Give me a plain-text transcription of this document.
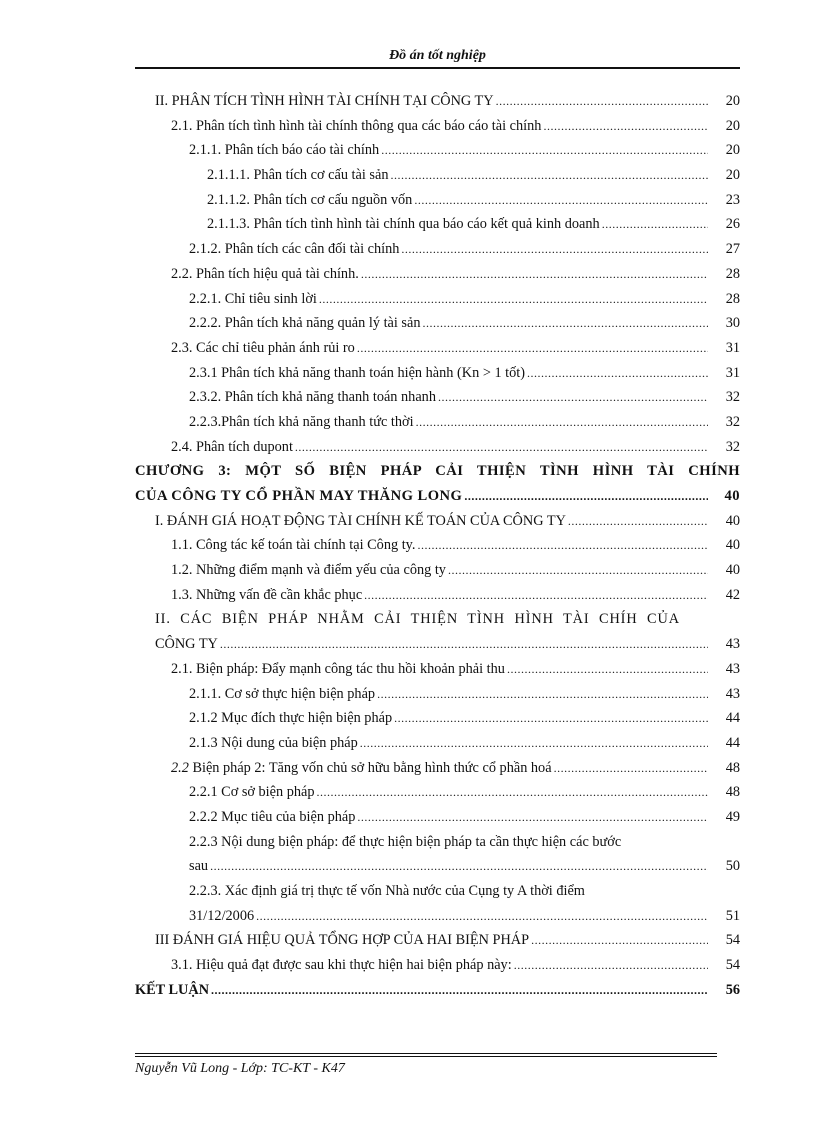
Đồ án tốt nghiệp
II. PHÂN TÍCH TÌNH HÌNH TÀI CHÍNH TẠI CÔNG TY .....	20
2.1. Phân tích tình hình tài chính thông qua các báo cáo tài chính .....	20
2.1.1. Phân tích báo cáo tài chính .....	20
2.1.1.1. Phân tích cơ cấu tài sản .....	20
2.1.1.2. Phân tích cơ cấu nguồn vốn .....	23
2.1.1.3. Phân tích tình hình tài chính qua báo cáo kết quả kinh doanh .....	26
2.1.2. Phân tích các cân đối tài chính .....	27
2.2. Phân tích hiệu quả tài chính. .....	28
2.2.1. Chỉ tiêu sinh lời .....	28
2.2.2. Phân tích khả năng quản lý tài sản .....	30
2.3. Các chỉ tiêu phản ánh rủi ro .....	31
2.3.1 Phân tích khả năng thanh toán hiện hành (Kn > 1 tốt) .....	31
2.3.2. Phân tích khả năng thanh toán nhanh .....	32
2.2.3.Phân tích khả năng thanh tức thời .....	32
2.4. Phân tích dupont .....	32
CHƯƠNG 3: MỘT SỐ BIỆN PHÁP CẢI THIỆN TÌNH HÌNH TÀI CHÍNH
CỦA CÔNG TY CỔ PHẦN MAY THĂNG LONG .....	40
I. ĐÁNH GIÁ HOẠT ĐỘNG TÀI CHÍNH KẾ TOÁN CỦA CÔNG TY .....	40
1.1. Công tác kế toán tài chính tại Công ty. .....	40
1.2. Những điểm mạnh và điểm yếu của công ty .....	40
1.3. Những vấn đề cần khắc phục .....	42
II. CÁC BIỆN PHÁP NHẰM CẢI THIỆN TÌNH HÌNH TÀI CHÍH CỦA
CÔNG TY .....	43
2.1. Biện pháp: Đẩy mạnh công tác thu hồi khoản phải thu .....	43
2.1.1. Cơ sở thực hiện biện pháp .....	43
2.1.2 Mục đích thực hiện biện pháp .....	44
2.1.3 Nội dung của biện pháp .....	44
2.2 Biện pháp 2: Tăng vốn chủ sở hữu bằng hình thức cổ phần hoá .....	48
2.2.1 Cơ sở biện pháp .....	48
2.2.2 Mục tiêu của biện pháp .....	49
2.2.3 Nội dung biện pháp: để thực hiện biện pháp ta cần thực hiện các bước
sau .....	50
2.2.3. Xác định giá trị thực tế vốn Nhà nước của Cụng ty A thời điểm
31/12/2006 .....	51
III ĐÁNH GIÁ HIỆU QUẢ TỔNG HỢP CỦA HAI BIỆN PHÁP .....	54
3.1. Hiệu quả đạt được sau khi thực hiện hai biện pháp này: .....	54
KẾT LUẬN .....	56
Nguyễn Vũ Long - Lớp: TC-KT - K47
